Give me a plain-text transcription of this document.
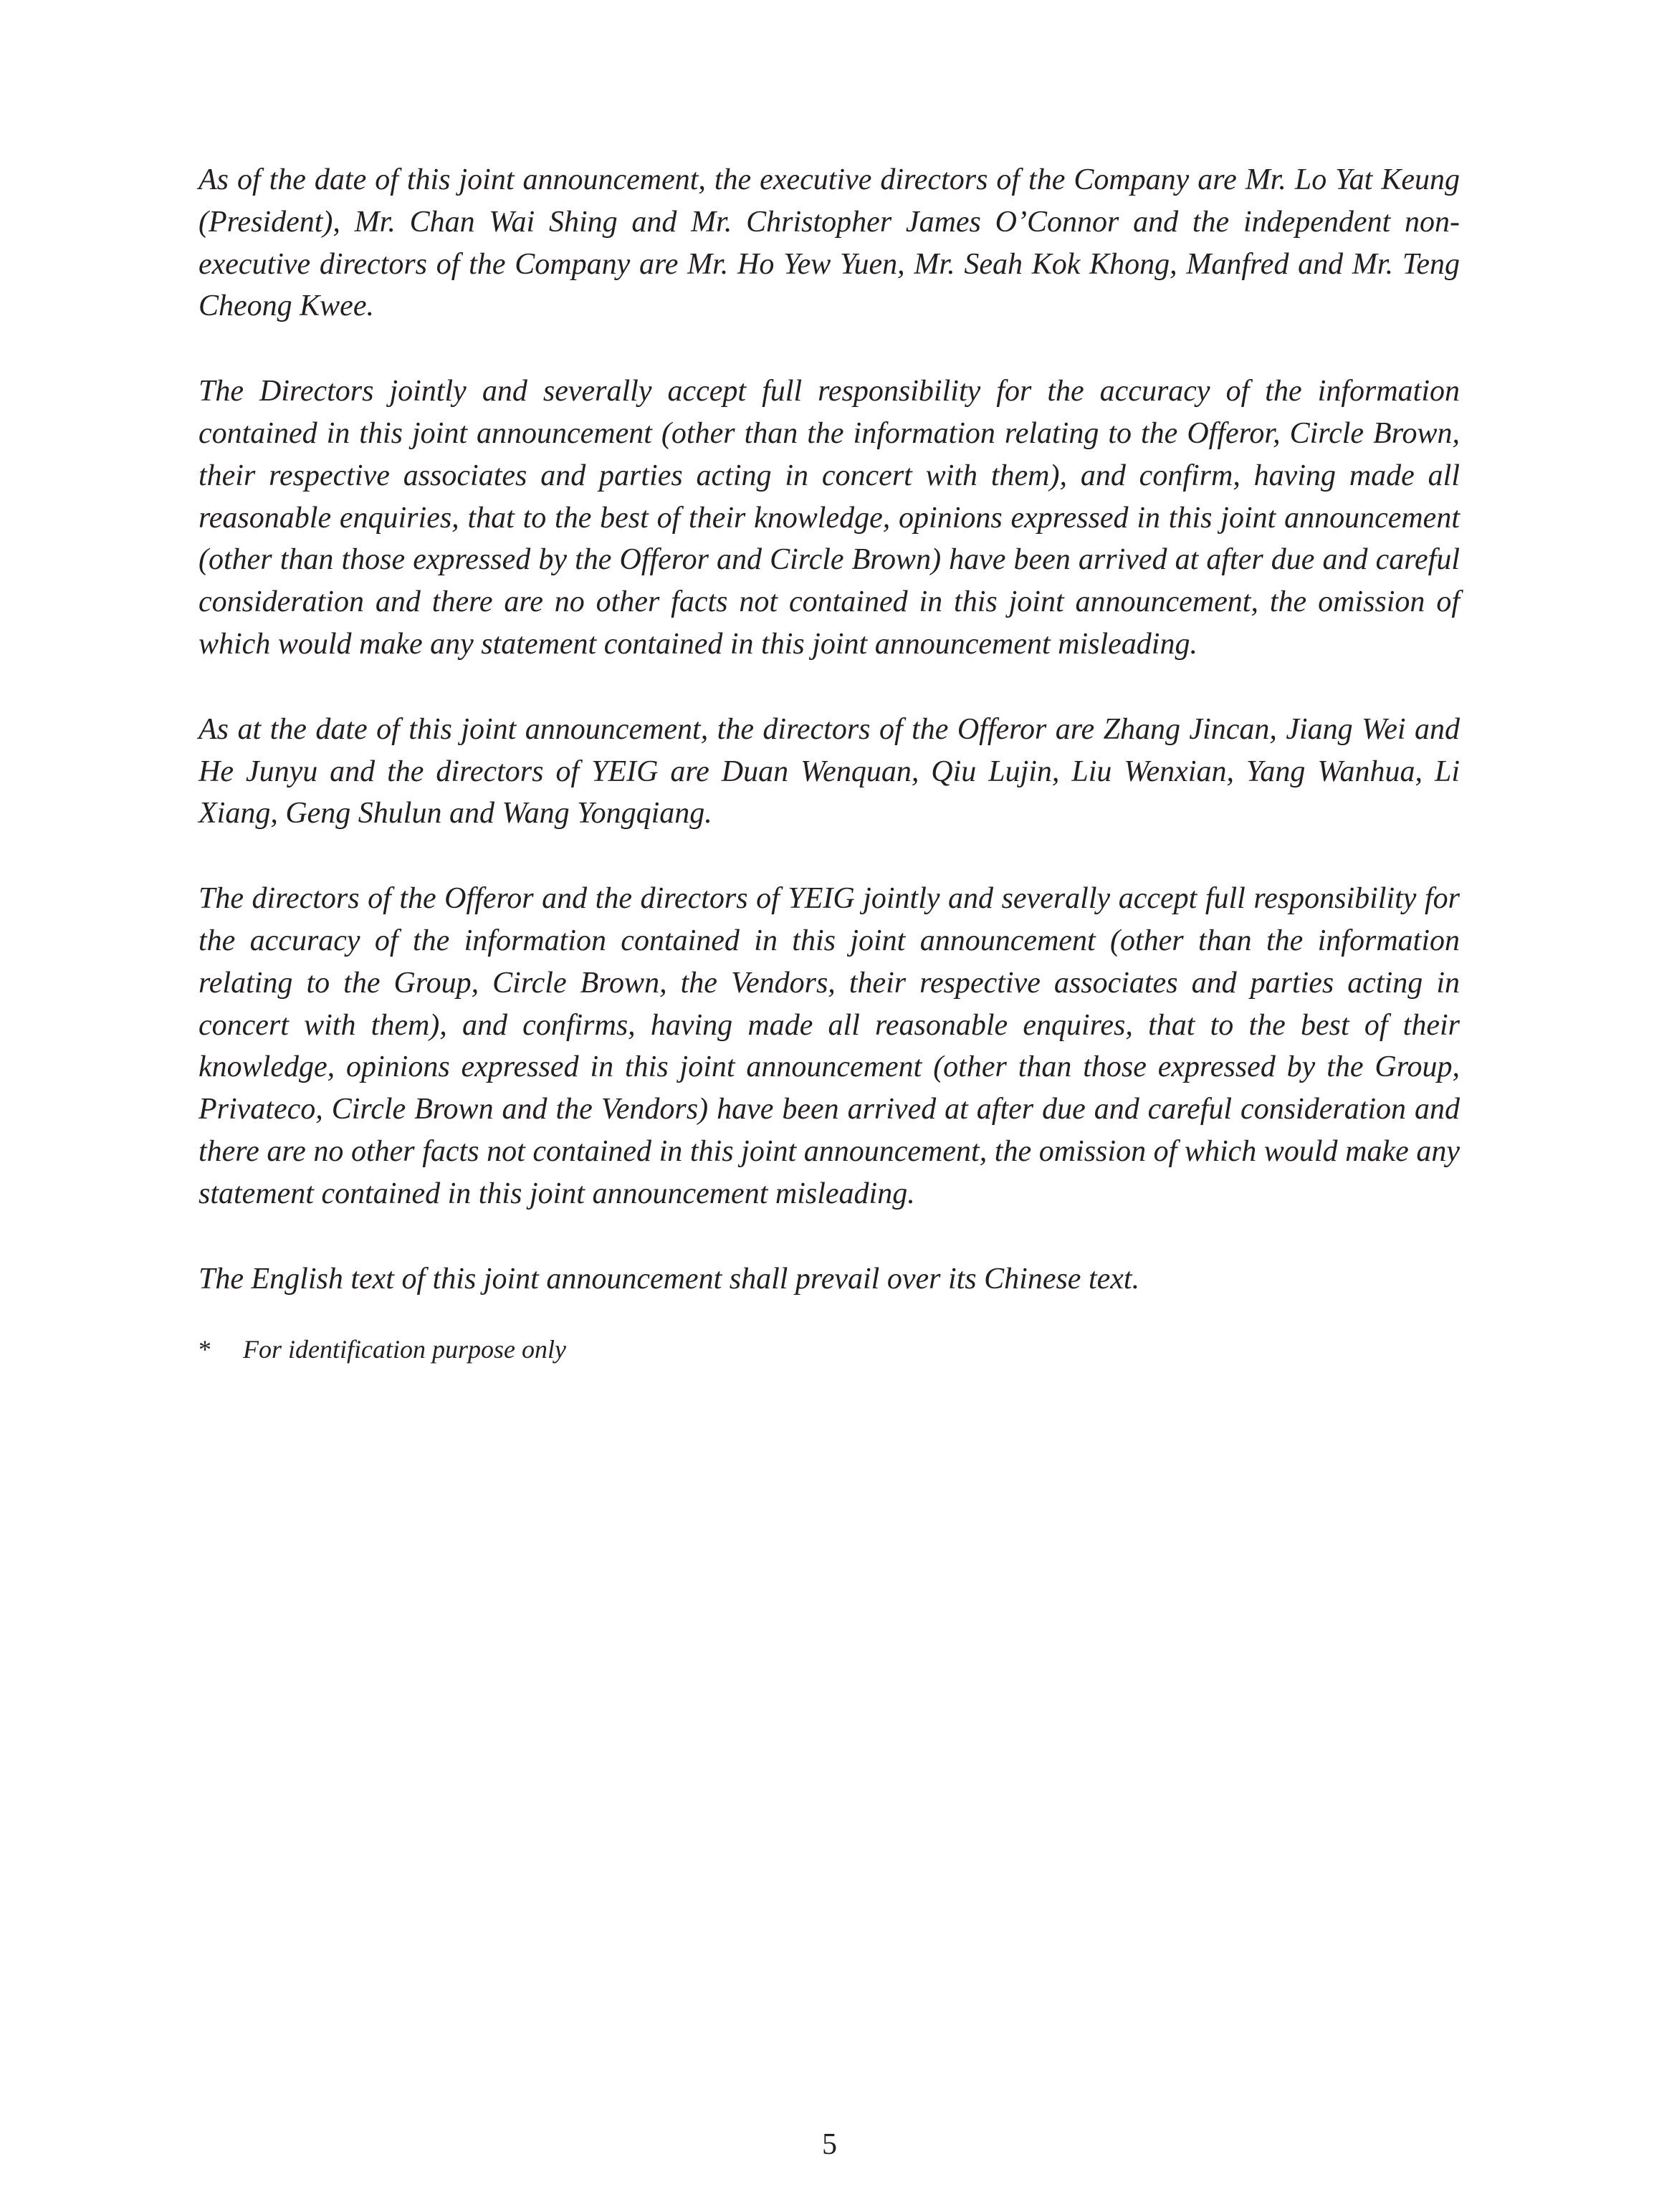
As of the date of this joint announcement, the executive directors of the Company are Mr. Lo Yat Keung (President), Mr. Chan Wai Shing and Mr. Christopher James O’Connor and the independent non-executive directors of the Company are Mr. Ho Yew Yuen, Mr. Seah Kok Khong, Manfred and Mr. Teng Cheong Kwee.

The Directors jointly and severally accept full responsibility for the accuracy of the information contained in this joint announcement (other than the information relating to the Offeror, Circle Brown, their respective associates and parties acting in concert with them), and confirm, having made all reasonable enquiries, that to the best of their knowledge, opinions expressed in this joint announcement (other than those expressed by the Offeror and Circle Brown) have been arrived at after due and careful consideration and there are no other facts not contained in this joint announcement, the omission of which would make any statement contained in this joint announcement misleading.

As at the date of this joint announcement, the directors of the Offeror are Zhang Jincan, Jiang Wei and He Junyu and the directors of YEIG are Duan Wenquan, Qiu Lujin, Liu Wenxian, Yang Wanhua, Li Xiang, Geng Shulun and Wang Yongqiang.

The directors of the Offeror and the directors of YEIG jointly and severally accept full responsibility for the accuracy of the information contained in this joint announcement (other than the information relating to the Group, Circle Brown, the Vendors, their respective associates and parties acting in concert with them), and confirms, having made all reasonable enquires, that to the best of their knowledge, opinions expressed in this joint announcement (other than those expressed by the Group, Privateco, Circle Brown and the Vendors) have been arrived at after due and careful consideration and there are no other facts not contained in this joint announcement, the omission of which would make any statement contained in this joint announcement misleading.

The English text of this joint announcement shall prevail over its Chinese text.

*	For identification purpose only
5
